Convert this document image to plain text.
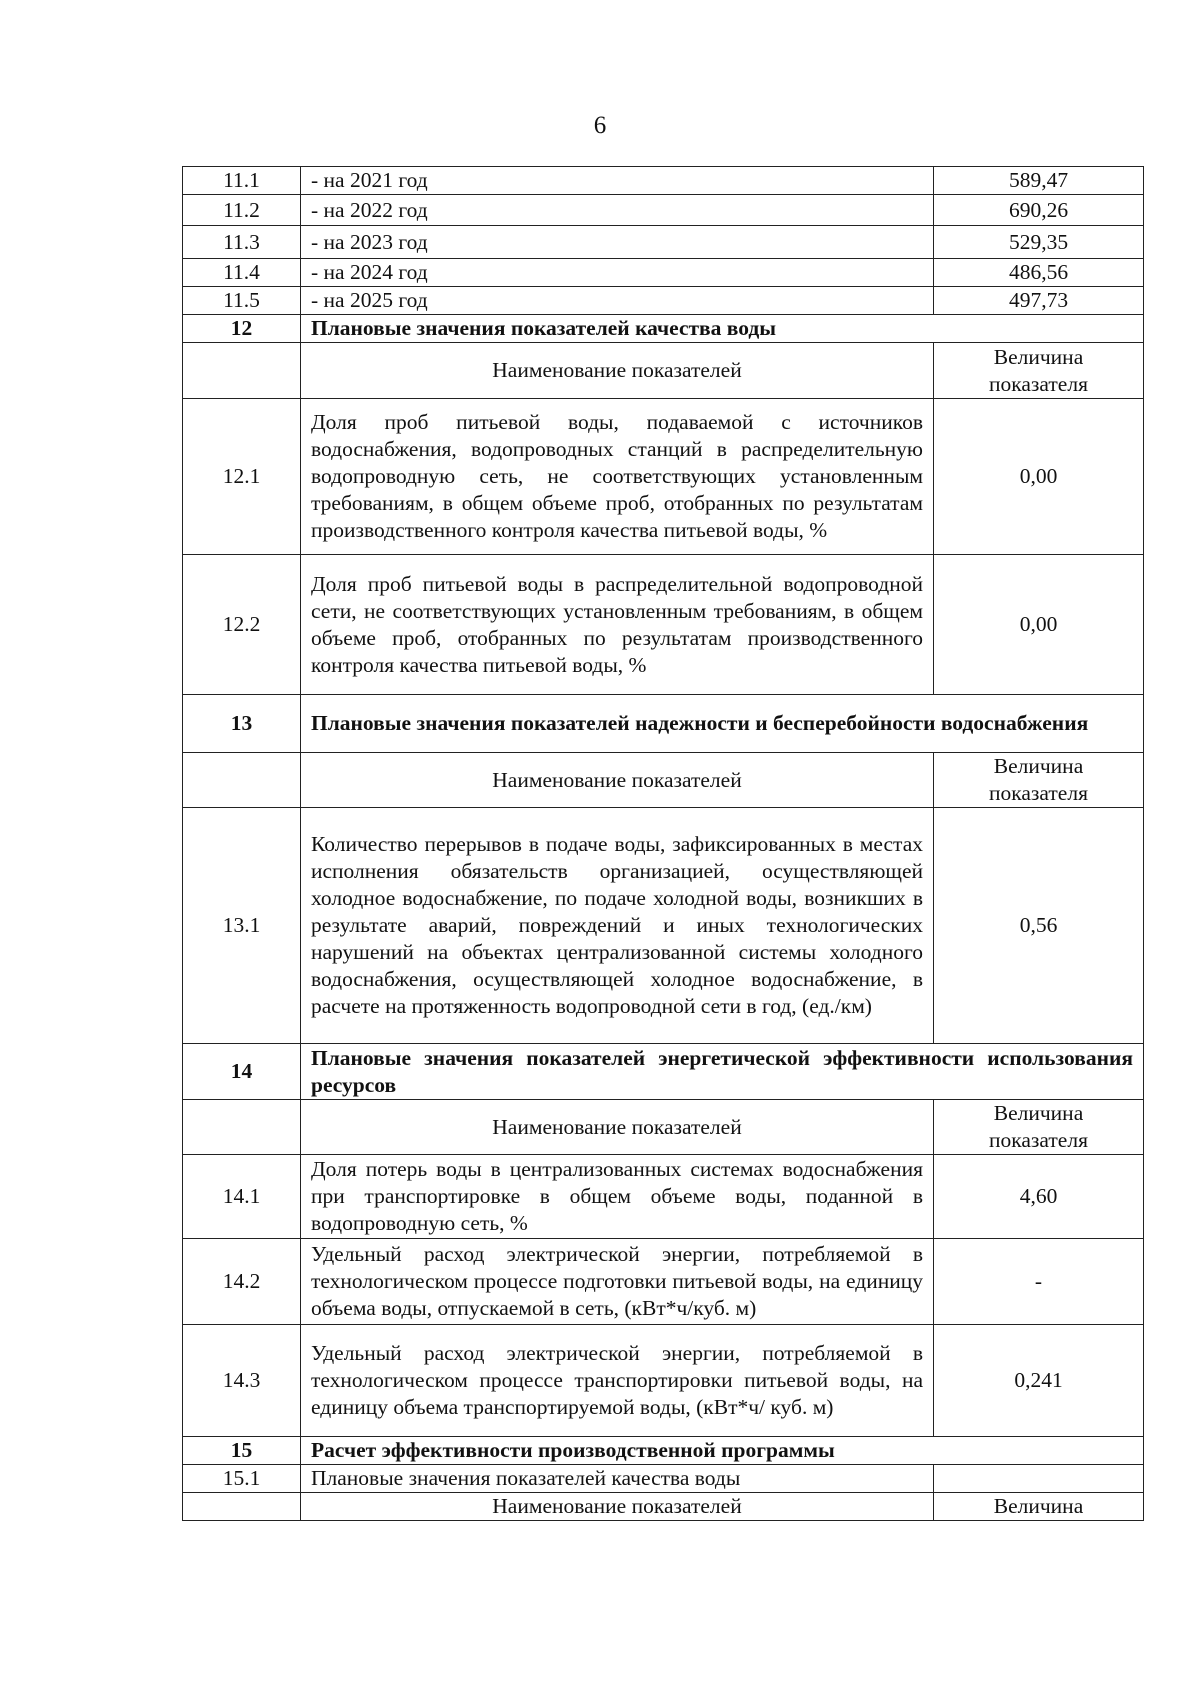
6
11.1	- на 2021 год	589,47
11.2	- на 2022 год	690,26
11.3	- на 2023 год	529,35
11.4	- на 2024 год	486,56
11.5	- на 2025 год	497,73
12	Плановые значения показателей качества воды	
	Наименование показателей	Величина показателя
12.1	Доля проб питьевой воды, подаваемой с источников водоснабжения, водопроводных станций в распределительную водопроводную сеть, не соответствующих установленным требованиям, в общем объеме проб, отобранных по результатам производственного контроля качества питьевой воды, %	0,00
12.2	Доля проб питьевой воды в распределительной водопроводной сети, не соответствующих установленным требованиям, в общем объеме проб, отобранных по результатам производственного контроля качества питьевой воды, %	0,00
13	Плановые значения показателей надежности и бесперебойности водоснабжения	
	Наименование показателей	Величина показателя
13.1	Количество перерывов в подаче воды, зафиксированных в местах исполнения обязательств организацией, осуществляющей холодное водоснабжение, по подаче холодной воды, возникших в результате аварий, повреждений и иных технологических нарушений на объектах централизованной системы холодного водоснабжения, осуществляющей холодное водоснабжение, в расчете на протяженность водопроводной сети в год, (ед./км)	0,56
14	Плановые значения показателей энергетической эффективности использования ресурсов	
	Наименование показателей	Величина показателя
14.1	Доля потерь воды в централизованных системах водоснабжения при транспортировке в общем объеме воды, поданной в водопроводную сеть, %	4,60
14.2	Удельный расход электрической энергии, потребляемой в технологическом процессе подготовки питьевой воды, на единицу объема воды, отпускаемой в сеть, (кВт*ч/куб. м)	-
14.3	Удельный расход электрической энергии, потребляемой в технологическом процессе транспортировки питьевой воды, на единицу объема транспортируемой воды, (кВт*ч/ куб. м)	0,241
15	Расчет эффективности производственной программы	
15.1	Плановые значения показателей качества воды	
	Наименование показателей	Величина
